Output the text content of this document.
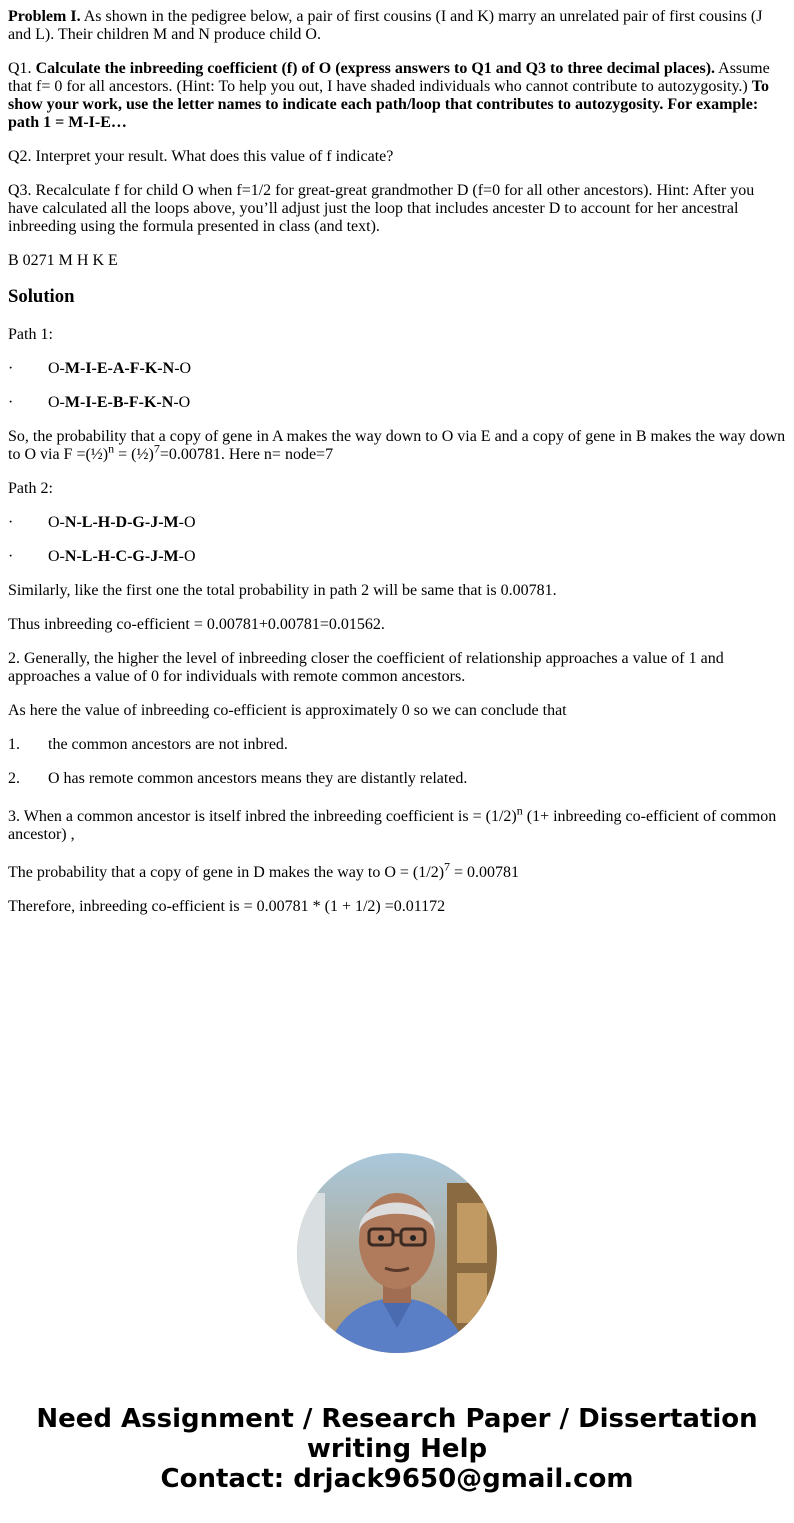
Problem I. As shown in the pedigree below, a pair of first cousins (I and K) marry an unrelated pair of first cousins (J and L). Their children M and N produce child O.

Q1. Calculate the inbreeding coefficient (f) of O (express answers to Q1 and Q3 to three decimal places). Assume that f= 0 for all ancestors. (Hint: To help you out, I have shaded individuals who cannot contribute to autozygosity.) To show your work, use the letter names to indicate each path/loop that contributes to autozygosity. For example: path 1 = M-I-E…

Q2. Interpret your result. What does this value of f indicate?

Q3. Recalculate f for child O when f=1/2 for great-great grandmother D (f=0 for all other ancestors). Hint: After you have calculated all the loops above, you’ll adjust just the loop that includes ancester D to account for her ancestral inbreeding using the formula presented in class (and text).

B 0271 M H K E

Solution

Path 1:

·	O-M-I-E-A-F-K-N-O
·	O-M-I-E-B-F-K-N-O

So, the probability that a copy of gene in A makes the way down to O via E and a copy of gene in B makes the way down to O via F =(½)$^n$ = (½)$^7$=0.00781. Here n= node=7

Path 2:

·	O-N-L-H-D-G-J-M-O
·	O-N-L-H-C-G-J-M-O

Similarly, like the first one the total probability in path 2 will be same that is 0.00781.

Thus inbreeding co-efficient = 0.00781+0.00781=0.01562.

2. Generally, the higher the level of inbreeding closer the coefficient of relationship approaches a value of 1 and approaches a value of 0 for individuals with remote common ancestors.

As here the value of inbreeding co-efficient is approximately 0 so we can conclude that

1.	the common ancestors are not inbred.
2.	O has remote common ancestors means they are distantly related.

3. When a common ancestor is itself inbred the inbreeding coefficient is = $(1/2)^n$ (1+ inbreeding co-efficient of common ancestor) ,

The probability that a copy of gene in D makes the way to $O = (1/2)^7 = 0.00781$

Therefore, inbreeding co-efficient is = 0.00781 * (1 + 1/2) =0.01172

Need Assignment / Research Paper / Dissertation
writing Help
Contact: drjack9650@gmail.com
